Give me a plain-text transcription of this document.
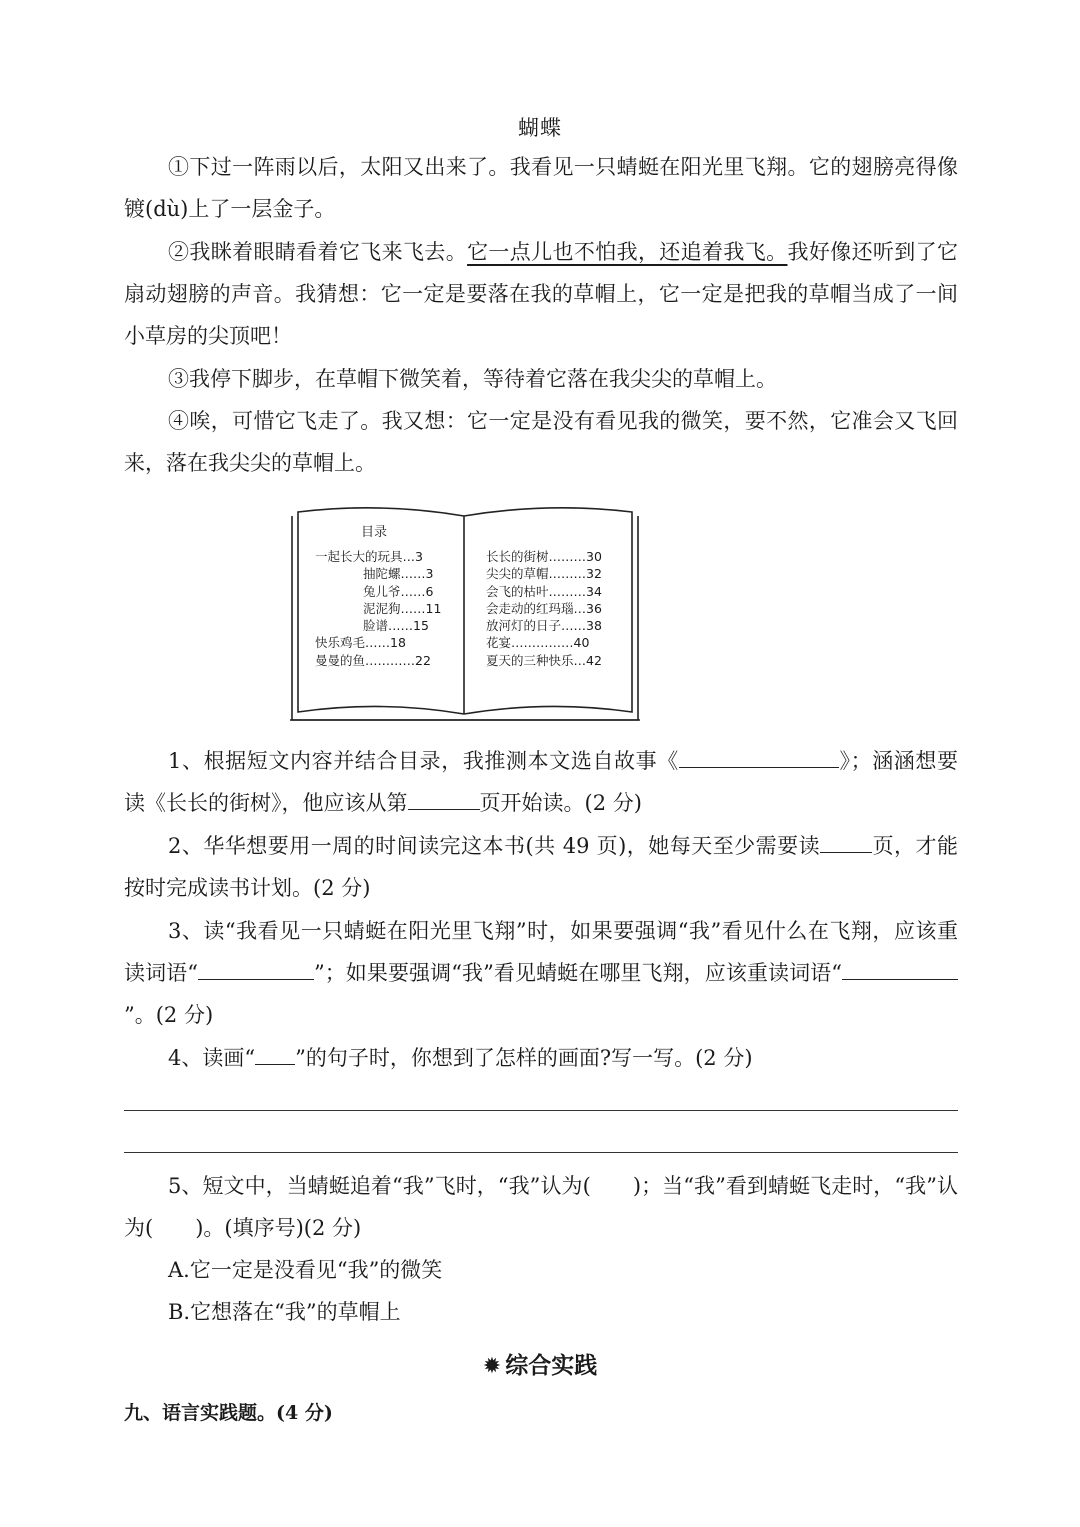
蝴蝶
①下过一阵雨以后，太阳又出来了。我看见一只蜻蜓在阳光里飞翔。它的翅膀亮得像镀(dù)上了一层金子。
②我眯着眼睛看着它飞来飞去。它一点儿也不怕我，还追着我飞。我好像还听到了它扇动翅膀的声音。我猜想：它一定是要落在我的草帽上，它一定是把我的草帽当成了一间小草房的尖顶吧！
③我停下脚步，在草帽下微笑着，等待着它落在我尖尖的草帽上。
④唉，可惜它飞走了。我又想：它一定是没有看见我的微笑，要不然，它准会又飞回来，落在我尖尖的草帽上。
目录
一起长大的玩具…3
抽陀螺……3
兔儿爷……6
泥泥狗……11
脸谱……15
快乐鸡毛……18
曼曼的鱼…………22
长长的街树………30
尖尖的草帽………32
会飞的枯叶………34
会走动的红玛瑙…36
放河灯的日子……38
花宴……………40
夏天的三种快乐…42
1、根据短文内容并结合目录，我推测本文选自故事《	》；涵涵想要读《长长的街树》，他应该从第	页开始读。(2 分)
2、华华想要用一周的时间读完这本书(共 49 页)，她每天至少需要读 页，才能按时完成读书计划。(2 分)
3、读“我看见一只蜻蜓在阳光里飞翔”时，如果要强调“我”看见什么在飞翔，应该重读词语“	”；如果要强调“我”看见蜻蜓在哪里飞翔，应该重读词语“”。(2 分)
4、读画“ ”的句子时，你想到了怎样的画面?写一写。(2 分)
5、短文中，当蜻蜓追着“我”飞时，“我”认为(　　)；当“我”看到蜻蜓飞走时，“我”认为(　　)。(填序号)(2 分)
A.它一定是没看见“我”的微笑
B.它想落在“我”的草帽上
✹ 综合实践
九、语言实践题。(4 分)
